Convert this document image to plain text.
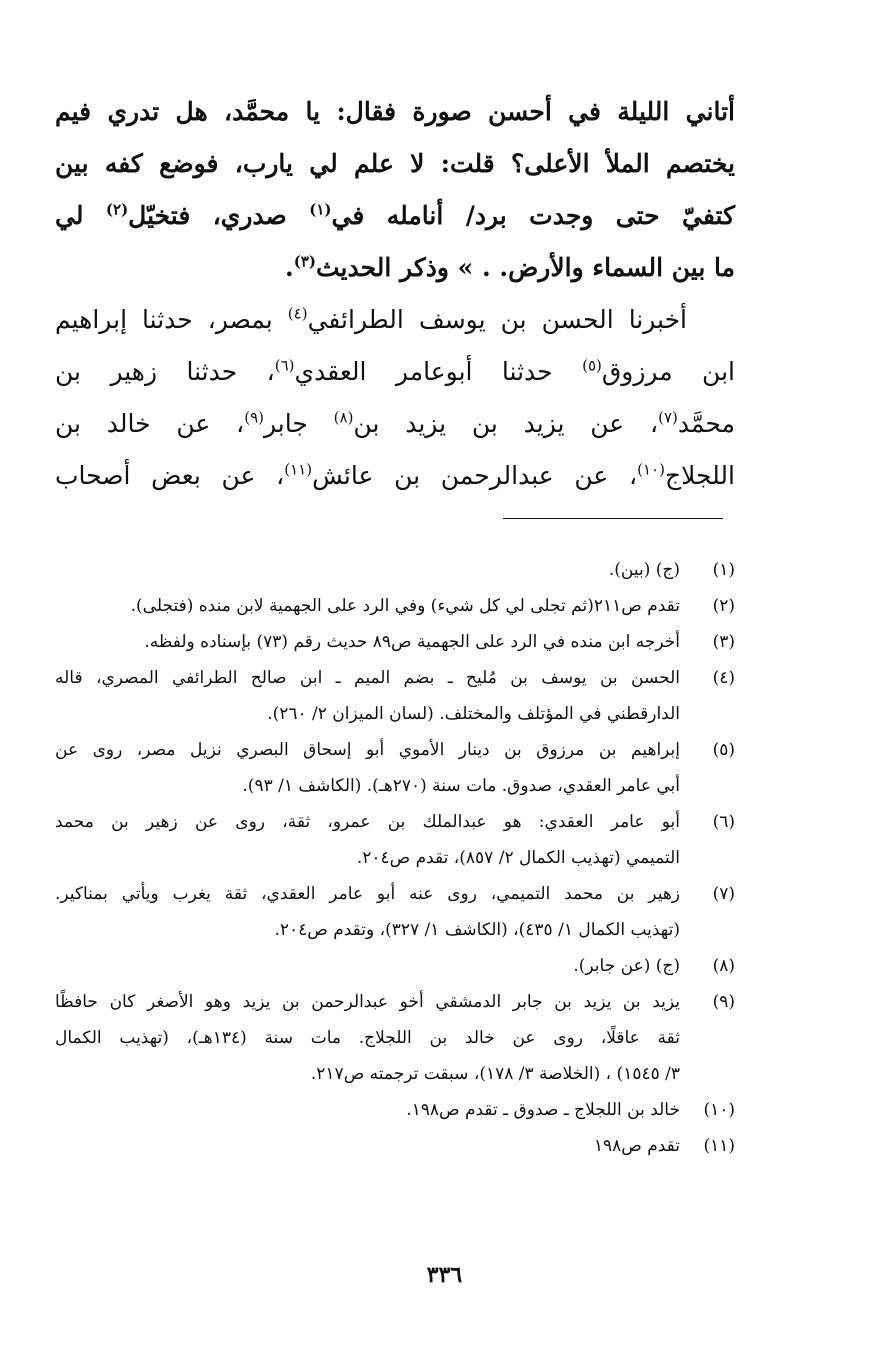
أتاني الليلة في أحسن صورة فقال: يا محمَّد، هل تدري فيم
يختصم الملأ الأعلى؟ قلت: لا علم لي يارب، فوضع كفه بين
كتفيّ حتى وجدت برد/ أنامله في$^{(١)}$ صدري، فتخيّل$^{(٢)}$ لي
ما بين السماء والأرض. . » وذكر الحديث$^{(٣)}$.
أخبرنا الحسن بن يوسف الطرائفي$^{(٤)}$ بمصر، حدثنا إبراهيم
ابن مرزوق$^{(٥)}$ حدثنا أبوعامر العقدي$^{(٦)}$، حدثنا زهير بن
محمَّد$^{(٧)}$، عن يزيد بن يزيد بن$^{(٨)}$ جابر$^{(٩)}$، عن خالد بن
اللجلاج$^{(١٠)}$، عن عبدالرحمن بن عائش$^{(١١)}$، عن بعض أصحاب
(١)
(ج) (بين).
(٢)
تقدم ص٢١١(ثم تجلى لي كل شيء) وفي الرد على الجهمية لابن منده (فتجلى).
(٣)
أخرجه ابن منده في الرد على الجهمية ص٨٩ حديث رقم (٧٣) بإسناده ولفظه.
(٤)
الحسن بن يوسف بن مُليح ـ بضم الميم ـ ابن صالح الطرائفي المصري، قاله
الدارقطني في المؤتلف والمختلف. (لسان الميزان ٢/ ٢٦٠).
(٥)
إبراهيم بن مرزوق بن دينار الأموي أبو إسحاق البصري نزيل مصر، روى عن
أبي عامر العقدي، صدوق. مات سنة (٢٧٠هـ). (الكاشف ١/ ٩٣).
(٦)
أبو عامر العقدي: هو عبدالملك بن عمرو، ثقة، روى عن زهير بن محمد
التميمي (تهذيب الكمال ٢/ ٨٥٧)، تقدم ص٢٠٤.
(٧)
زهير بن محمد التميمي، روى عنه أبو عامر العقدي، ثقة يغرب ويأتي بمناكير.
(تهذيب الكمال ١/ ٤٣٥)، (الكاشف ١/ ٣٢٧)، وتقدم ص٢٠٤.
(٨)
(ج) (عن جابر).
(٩)
يزيد بن يزيد بن جابر الدمشقي أخو عبدالرحمن بن يزيد وهو الأصغر كان حافظًا
ثقة عاقلًا، روى عن خالد بن اللجلاج. مات سنة (١٣٤هـ)، (تهذيب الكمال
٣/ ١٥٤٥) ، (الخلاصة ٣/ ١٧٨)، سبقت ترجمته ص٢١٧.
(١٠)
خالد بن اللجلاج ـ صدوق ـ تقدم ص١٩٨.
(١١)
تقدم ص١٩٨
٣٣٦
